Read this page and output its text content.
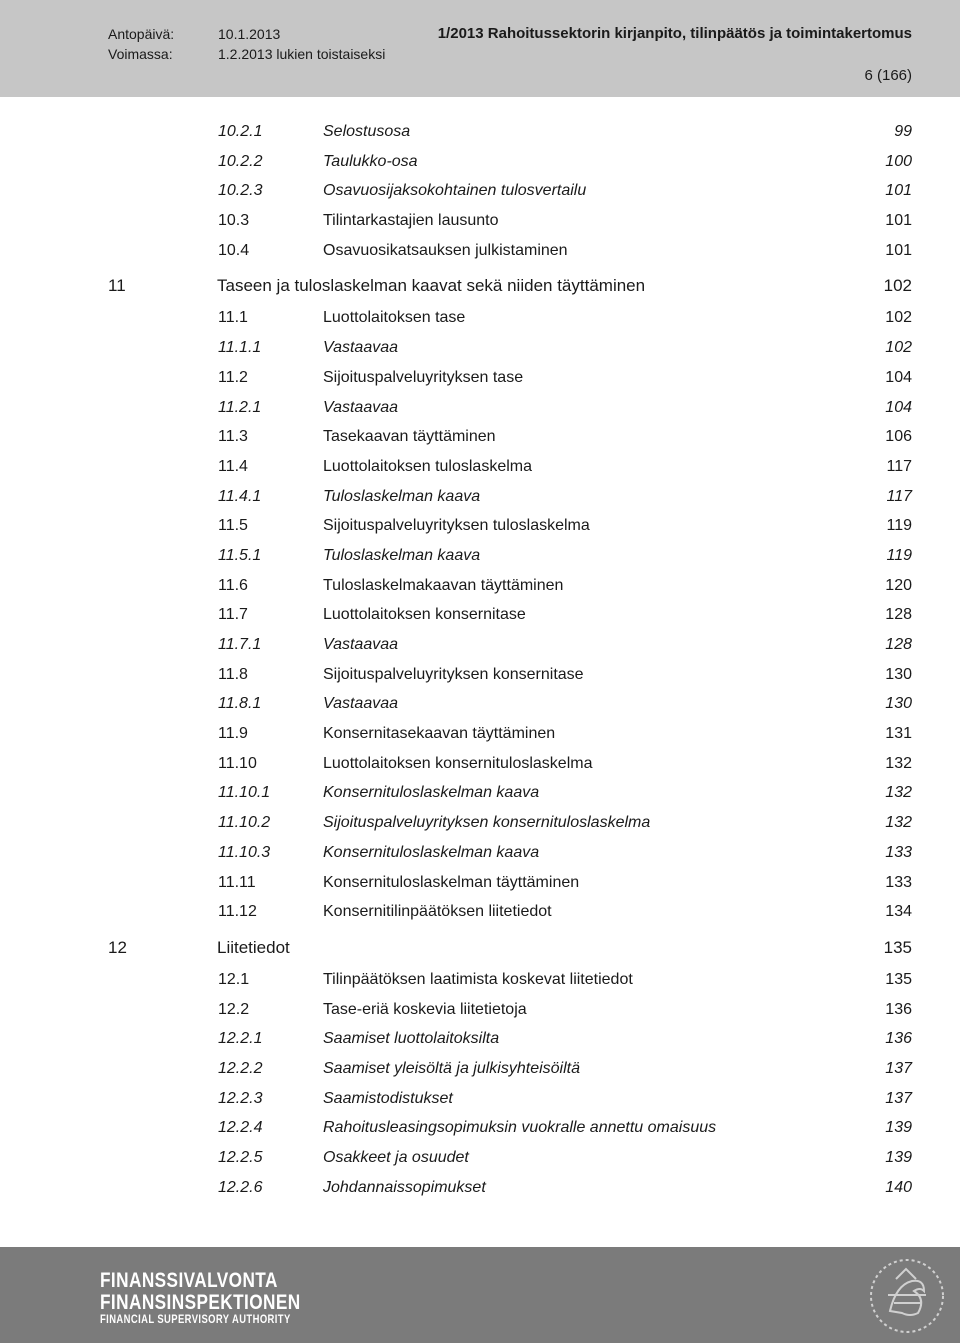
Antopäivä:	10.1.2013
Voimassa:	1.2.2013 lukien toistaiseksi
1/2013 Rahoitussektorin kirjanpito, tilinpäätös ja toimintakertomus
6 (166)
10.2.1	Selostusosa	99
10.2.2	Taulukko-osa	100
10.2.3	Osavuosijaksokohtainen tulosvertailu	101
10.3	Tilintarkastajien lausunto	101
10.4	Osavuosikatsauksen julkistaminen	101
11	Taseen ja tuloslaskelman kaavat sekä niiden täyttäminen	102
11.1	Luottolaitoksen tase	102
11.1.1	Vastaavaa	102
11.2	Sijoituspalveluyrityksen tase	104
11.2.1	Vastaavaa	104
11.3	Tasekaavan täyttäminen	106
11.4	Luottolaitoksen tuloslaskelma	117
11.4.1	Tuloslaskelman kaava	117
11.5	Sijoituspalveluyrityksen tuloslaskelma	119
11.5.1	Tuloslaskelman kaava	119
11.6	Tuloslaskelmakaavan täyttäminen	120
11.7	Luottolaitoksen konsernitase	128
11.7.1	Vastaavaa	128
11.8	Sijoituspalveluyrityksen konsernitase	130
11.8.1	Vastaavaa	130
11.9	Konsernitasekaavan täyttäminen	131
11.10	Luottolaitoksen konsernituloslaskelma	132
11.10.1	Konsernituloslaskelman kaava	132
11.10.2	Sijoituspalveluyrityksen konsernituloslaskelma	132
11.10.3	Konsernituloslaskelman kaava	133
11.11	Konsernituloslaskelman täyttäminen	133
11.12	Konsernitilinpäätöksen liitetiedot	134
12	Liitetiedot	135
12.1	Tilinpäätöksen laatimista koskevat liitetiedot	135
12.2	Tase-eriä koskevia liitetietoja	136
12.2.1	Saamiset luottolaitoksilta	136
12.2.2	Saamiset yleisöltä ja julkisyhteisöiltä	137
12.2.3	Saamistodistukset	137
12.2.4	Rahoitusleasingsopimuksin vuokralle annettu omaisuus	139
12.2.5	Osakkeet ja osuudet	139
12.2.6	Johdannaissopimukset	140
FINANSSIVALVONTA
FINANSINSPEKTIONEN
FINANCIAL SUPERVISORY AUTHORITY
